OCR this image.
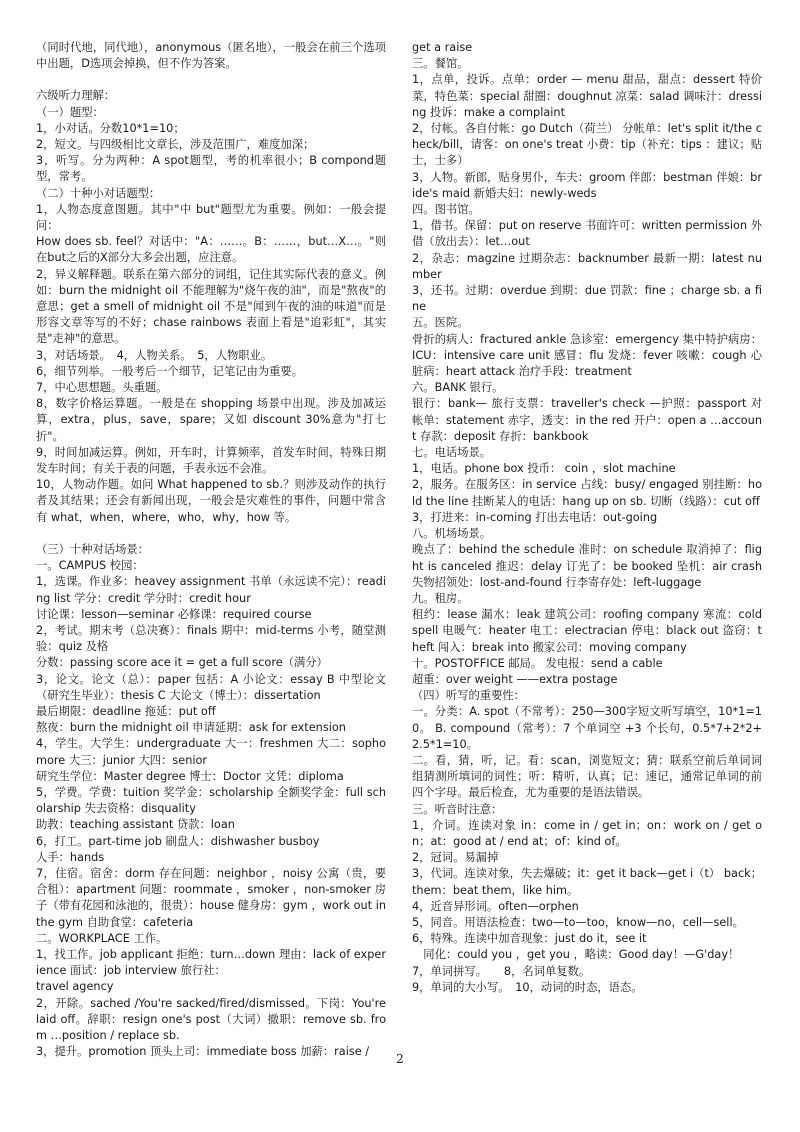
（同时代地，同代地），anonymous（匿名地），一般会在前三个选项中出题，D选项会掉换，但不作为答案。

六级听力理解：

（一）题型：

1，小对话。分数10*1=10；

2，短文。与四级相比文章长，涉及范围广，难度加深；

3，听写。分为两种：A spot题型，考的机率很小；B compond题型，常考。

（二）十种小对话题型：

1，人物态度意图题。其中"中 but"题型尤为重要。例如：一般会提问：

How does sb. feel？对话中："A：……。B：……，but…X…。"则在but之后的X部分大多会出题，应注意。

2，异义解释题。联系在第六部分的词组，记住其实际代表的意义。例如：burn the midnight oil 不能理解为"烧午夜的油"，而是"熬夜"的意思；get a smell of midnight oil 不是"闻到午夜的油的味道"而是形容文章等写的不好；chase rainbows 表面上看是"追彩虹"，其实是"走神"的意思。

3，对话场景。　4，人物关系。　5，人物职业。

6，细节列举。一般考后一个细节，记笔记由为重要。

7，中心思想题。头重题。

8，数字价格运算题。一般是在 shopping 场景中出现。涉及加减运算，extra，plus，save，spare；又如 discount 30%意为"打七折"。

9，时间加减运算。例如，开车时，计算频率，首发车时间，特殊日期发车时间；有关于表的问题，手表永远不会准。

10，人物动作题。如问 What happened to sb.？则涉及动作的执行者及其结果；还会有新闻出现，一般会是灾难性的事件，问题中常含有 what，when，where，who，why，how 等。

（三）十种对话场景：

一。CAMPUS 校园：

1，选课。作业多：heavey assignment 书单（永远读不完）：reading list 学分：credit 学分时：credit hour

讨论课：lesson—seminar 必修课：required course

2，考试。期末考（总决赛）：finals 期中：mid-terms 小考，随堂测验：quiz 及格

分数：passing score ace it = get a full score（满分）

3，论文。论文（总）：paper 包括：A 小论文：essay B 中型论文（研究生毕业）：thesis C 大论文（博士）：dissertation

最后期限：deadline 拖延：put off

熬夜：burn the midnight oil 申请延期：ask for extension

4，学生。大学生：undergraduate 大一：freshmen 大二：sophomore 大三：junior 大四：senior

研究生学位：Master degree 博士：Doctor 文凭：diploma

5，学费。学费：tuition 奖学金：scholarship 全额奖学金：full scholarship 失去资格：disquality

助教：teaching assistant 贷款：loan

6，打工。part-time job 刷盘人：dishwasher busboy

人手：hands

7，住宿。宿舍：dorm 存在问题：neighbor ，noisy 公寓（贵，要合租）：apartment 问题：roommate ，smoker ，non-smoker 房子（带有花园和泳池的，很贵）：house 健身房：gym ，work out in the gym 自助食堂：cafeteria

二。WORKPLACE 工作。

1，找工作。job applicant 拒绝：turn…down 理由：lack of experience 面试：job interview 旅行社：

travel agency

2，开除。sached /You're sacked/fired/dismissed。下岗：You're laid off。辞职：resign one's post（大词）撤职：remove sb. from …position / replace sb.

3，提升。promotion 顶头上司：immediate boss 加薪：raise /

get a raise

三。餐馆。

1，点单，投诉。点单：order — menu 甜品，甜点：dessert 特价菜，特色菜：special 甜圈：doughnut 凉菜：salad 调味汁：dressing 投诉：make a complaint

2，付帐。各自付帐：go Dutch（荷兰） 分帐单：let's split it/the check/bill，请客：on one's treat 小费：tip（补充：tips ：建议；贴士，士多）

3，人物。新郎，贴身男仆，车夫：groom 伴郎：bestman 伴娘：bride's maid 新婚夫妇：newly-weds

四。图书馆。

1，借书。保留：put on reserve 书面许可：written permission 外借（放出去）：let…out

2，杂志：magzine 过期杂志：backnumber 最新一期：latest number

3，还书。过期：overdue 到期：due 罚款：fine ；charge sb. a fine

五。医院。

骨折的病人：fractured ankle 急诊室：emergency 集中特护病房：ICU：intensive care unit 感冒：flu 发烧：fever 咳嗽：cough 心脏病：heart attack 治疗手段：treatment

六。BANK 银行。

银行：bank— 旅行支票：traveller's check —护照：passport 对帐单：statement 赤字，透支：in the red 开户：open a …account 存款：deposit 存折：bankbook

七。电话场景。

1，电话。phone box 投币： coin ，slot machine

2，服务。在服务区：in service 占线：busy/ engaged 别挂断：hold the line 挂断某人的电话：hang up on sb. 切断（线路）：cut off

3，打进来：in-coming 打出去电话：out-going

八。机场场景。

晚点了：behind the schedule 准时：on schedule 取消掉了：flight is canceled 推迟：delay 订光了：be booked 坠机：air crash 失物招领处：lost-and-found 行李寄存处：left-luggage

九。租房。

租约：lease 漏水：leak 建筑公司：roofing company 寒流：cold spell 电暖气：heater 电工：electracian 停电：black out 盗窃：theft 闯入：break into 搬家公司：moving company

十。POSTOFFICE 邮局。 发电报：send a cable

超重：over weight ——extra postage

（四）听写的重要性：

一。分类：A. spot（不常考）：250—300字短文听写填空，10*1=10。 B. compound（常考）：7 个单词空 +3 个长句，0.5*7+2*2+2.5*1=10。

二。看，猜，听，记。看：scan，浏览短文；猜：联系空前后单词词组猜测所填词的词性；听：精听，认真；记：速记，通常记单词的前四个字母。最后检查，尤为重要的是语法错误。

三。听音时注意：

1，介词。连读对象 in：come in / get in；on：work on / get on；at：good at / end at；of：kind of。

2，冠词。易漏掉

3，代词。连读对象，失去爆破；it：get it back—get i（t） back；them：beat them，like him。

4，近音异形词。often—orphen

5，同音。用语法检查：two—to—too，know—no，cell—sell。

6，特殊。连读中加音现象：just do it，see it

　同化：could you ，get you ，略读：Good day！—G'day！

7，单词拼写。　　8，名词单复数。

9，单词的大小写。　10，动词的时态，语态。

2
